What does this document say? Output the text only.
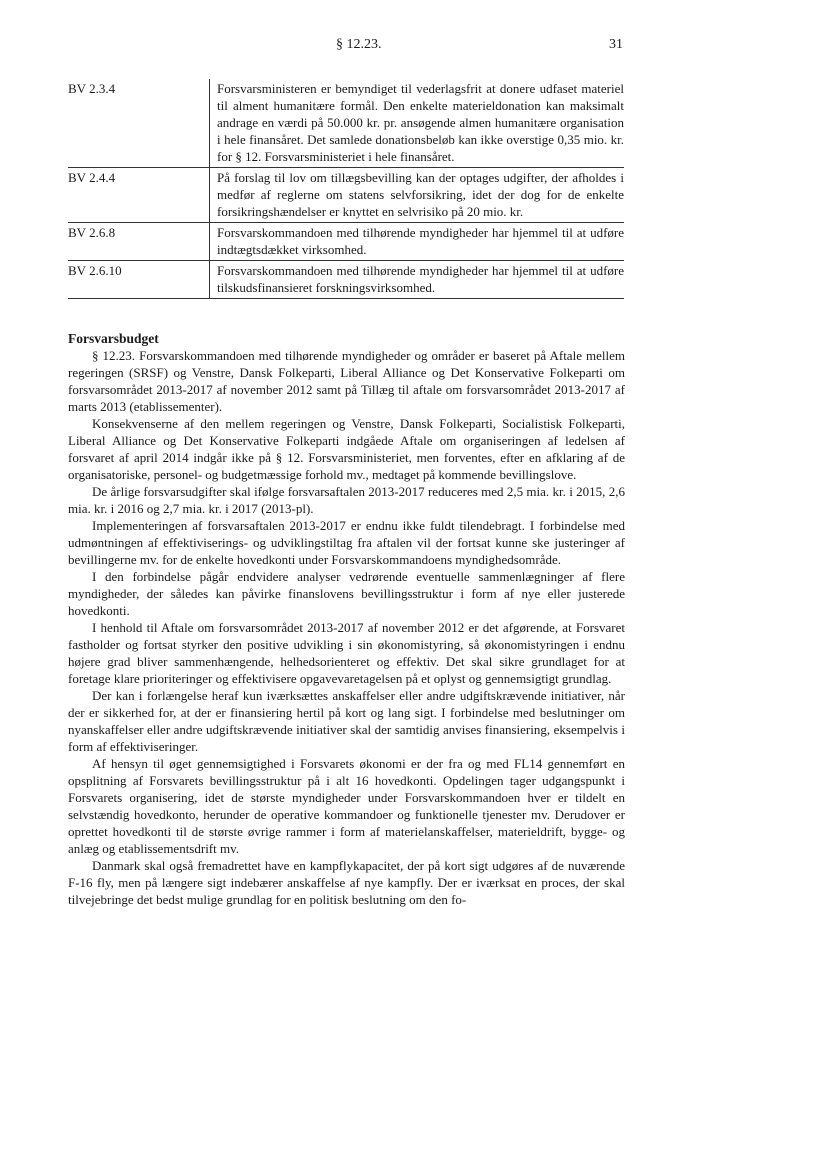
§ 12.23.	31
BV 2.3.4	Forsvarsministeren er bemyndiget til vederlagsfrit at donere udfaset materiel til alment humanitære formål. Den enkelte materieldonation kan maksimalt andrage en værdi på 50.000 kr. pr. ansøgende almen humanitære organisation i hele finansåret. Det samlede donationsbeløb kan ikke overstige 0,35 mio. kr. for § 12. Forsvarsministeriet i hele finansåret.
BV 2.4.4	På forslag til lov om tillægsbevilling kan der optages udgifter, der afholdes i medfør af reglerne om statens selvforsikring, idet der dog for de enkelte forsikringshændelser er knyttet en selvrisiko på 20 mio. kr.
BV 2.6.8	Forsvarskommandoen med tilhørende myndigheder har hjemmel til at udføre indtægtsdækket virksomhed.
BV 2.6.10	Forsvarskommandoen med tilhørende myndigheder har hjemmel til at udføre tilskudsfinansieret forskningsvirksomhed.
Forsvarsbudget

§ 12.23. Forsvarskommandoen med tilhørende myndigheder og områder er baseret på Aftale mellem regeringen (SRSF) og Venstre, Dansk Folkeparti, Liberal Alliance og Det Konservative Folkeparti om forsvarsområdet 2013-2017 af november 2012 samt på Tillæg til aftale om forsvarsområdet 2013-2017 af marts 2013 (etablissementer).

Konsekvenserne af den mellem regeringen og Venstre, Dansk Folkeparti, Socialistisk Folkeparti, Liberal Alliance og Det Konservative Folkeparti indgåede Aftale om organiseringen af ledelsen af forsvaret af april 2014 indgår ikke på § 12. Forsvarsministeriet, men forventes, efter en afklaring af de organisatoriske, personel- og budgetmæssige forhold mv., medtaget på kommende bevillingslove.

De årlige forsvarsudgifter skal ifølge forsvarsaftalen 2013-2017 reduceres med 2,5 mia. kr. i 2015, 2,6 mia. kr. i 2016 og 2,7 mia. kr. i 2017 (2013-pl).

Implementeringen af forsvarsaftalen 2013-2017 er endnu ikke fuldt tilendebragt. I forbindelse med udmøntningen af effektiviserings- og udviklingstiltag fra aftalen vil der fortsat kunne ske justeringer af bevillingerne mv. for de enkelte hovedkonti under Forsvarskommandoens myndighedsområde.

I den forbindelse pågår endvidere analyser vedrørende eventuelle sammenlægninger af flere myndigheder, der således kan påvirke finanslovens bevillingsstruktur i form af nye eller justerede hovedkonti.

I henhold til Aftale om forsvarsområdet 2013-2017 af november 2012 er det afgørende, at Forsvaret fastholder og fortsat styrker den positive udvikling i sin økonomistyring, så økonomistyringen i endnu højere grad bliver sammenhængende, helhedsorienteret og effektiv. Det skal sikre grundlaget for at foretage klare prioriteringer og effektivisere opgavevaretagelsen på et oplyst og gennemsigtigt grundlag.

Der kan i forlængelse heraf kun iværksættes anskaffelser eller andre udgiftskrævende initiativer, når der er sikkerhed for, at der er finansiering hertil på kort og lang sigt. I forbindelse med beslutninger om nyanskaffelser eller andre udgiftskrævende initiativer skal der samtidig anvises finansiering, eksempelvis i form af effektiviseringer.

Af hensyn til øget gennemsigtighed i Forsvarets økonomi er der fra og med FL14 gennemført en opsplitning af Forsvarets bevillingsstruktur på i alt 16 hovedkonti. Opdelingen tager udgangspunkt i Forsvarets organisering, idet de største myndigheder under Forsvarskommandoen hver er tildelt en selvstændig hovedkonto, herunder de operative kommandoer og funktionelle tjenester mv. Derudover er oprettet hovedkonti til de største øvrige rammer i form af materielanskaffelser, materieldrift, bygge- og anlæg og etablissementsdrift mv.

Danmark skal også fremadrettet have en kampflykapacitet, der på kort sigt udgøres af de nuværende F-16 fly, men på længere sigt indebærer anskaffelse af nye kampfly. Der er iværksat en proces, der skal tilvejebringe det bedst mulige grundlag for en politisk beslutning om den fo-
